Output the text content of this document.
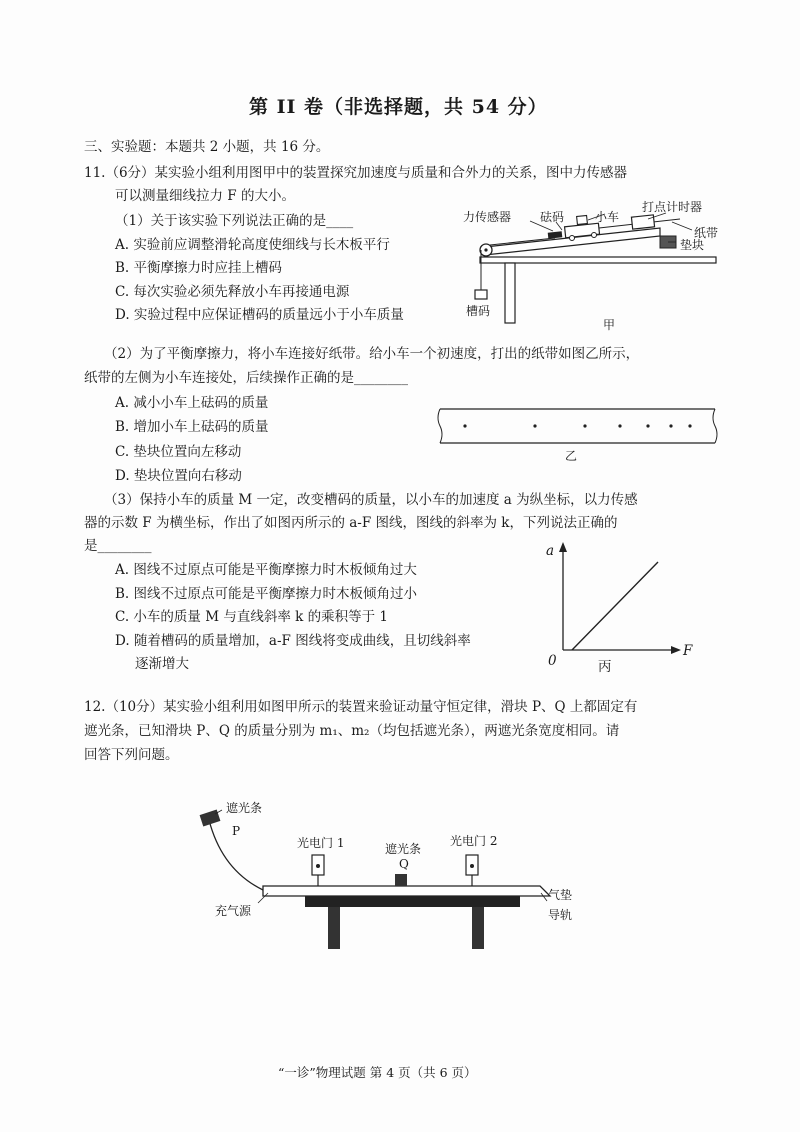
第 II 卷（非选择题，共 54 分）
三、实验题：本题共 2 小题，共 16 分。
11.（6分）某实验小组利用图甲中的装置探究加速度与质量和合外力的关系，图中力传感器
可以测量细线拉力 F 的大小。
（1）关于该实验下列说法正确的是____
A. 实验前应调整滑轮高度使细线与长木板平行
B. 平衡摩擦力时应挂上槽码
C. 每次实验必须先释放小车再接通电源
D. 实验过程中应保证槽码的质量远小于小车质量
力传感器 砝码	小车
打点计时器
纸带
垫块
槽码
甲
（2）为了平衡摩擦力，将小车连接好纸带。给小车一个初速度，打出的纸带如图乙所示，
纸带的左侧为小车连接处，后续操作正确的是________
A. 减小小车上砝码的质量
B. 增加小车上砝码的质量
C. 垫块位置向左移动
D. 垫块位置向右移动
乙
（3）保持小车的质量 M 一定，改变槽码的质量，以小车的加速度 a 为纵坐标，以力传感
器的示数 F 为横坐标，作出了如图丙所示的 a-F 图线，图线的斜率为 k，下列说法正确的
是________
A. 图线不过原点可能是平衡摩擦力时木板倾角过大
B. 图线不过原点可能是平衡摩擦力时木板倾角过小
C. 小车的质量 M 与直线斜率 k 的乘积等于 1
D. 随着槽码的质量增加，a-F 图线将变成曲线，且切线斜率
逐渐增大
a
F
0	丙
12.（10分）某实验小组利用如图甲所示的装置来验证动量守恒定律，滑块 P、Q 上都固定有
遮光条，已知滑块 P、Q 的质量分别为 m₁、m₂（均包括遮光条），两遮光条宽度相同。请
回答下列问题。
遮光条
P
光电门 1	遮光条
Q
光电门 2
充气源
气垫
导轨
“一诊”物理试题 第 4 页（共 6 页）
